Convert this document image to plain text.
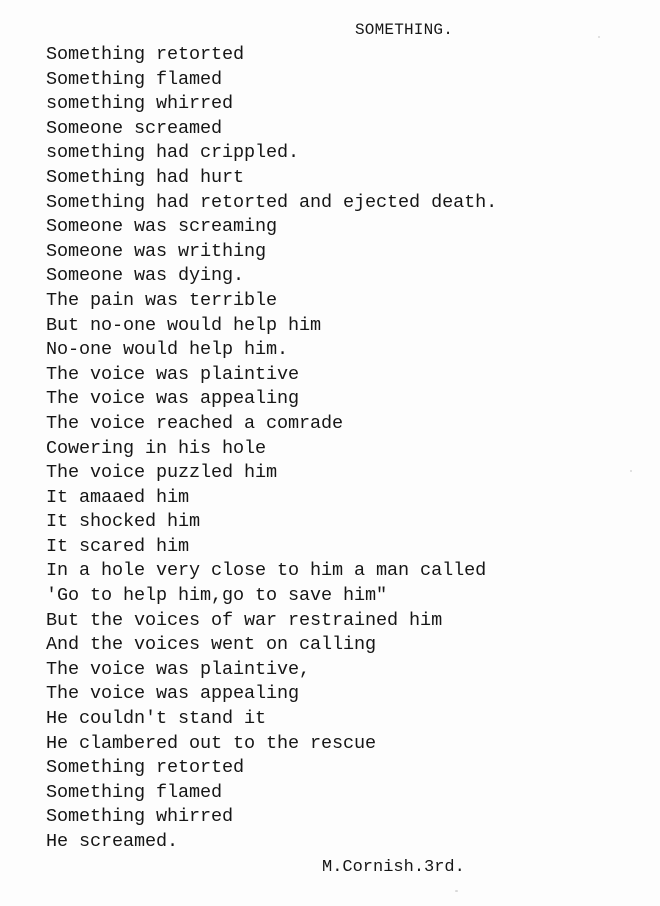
SOMETHING.
Something retorted
Something flamed
something whirred
Someone screamed
something had crippled.
Something had hurt
Something had retorted and ejected death.
Someone was screaming
Someone was writhing
Someone was dying.
The pain was terrible
But no-one would help him
No-one would help him.
The voice was plaintive
The voice was appealing
The voice reached a comrade
Cowering in his hole
The voice puzzled him
It amaaed him
It shocked him
It scared him
In a hole very close to him a man called
'Go to help him,go to save him"
But the voices of war restrained him
And the voices went on calling
The voice was plaintive,
The voice was appealing
He couldn't stand it
He clambered out to the rescue
Something retorted
Something flamed
Something whirred
He screamed.
M.Cornish.3rd.
